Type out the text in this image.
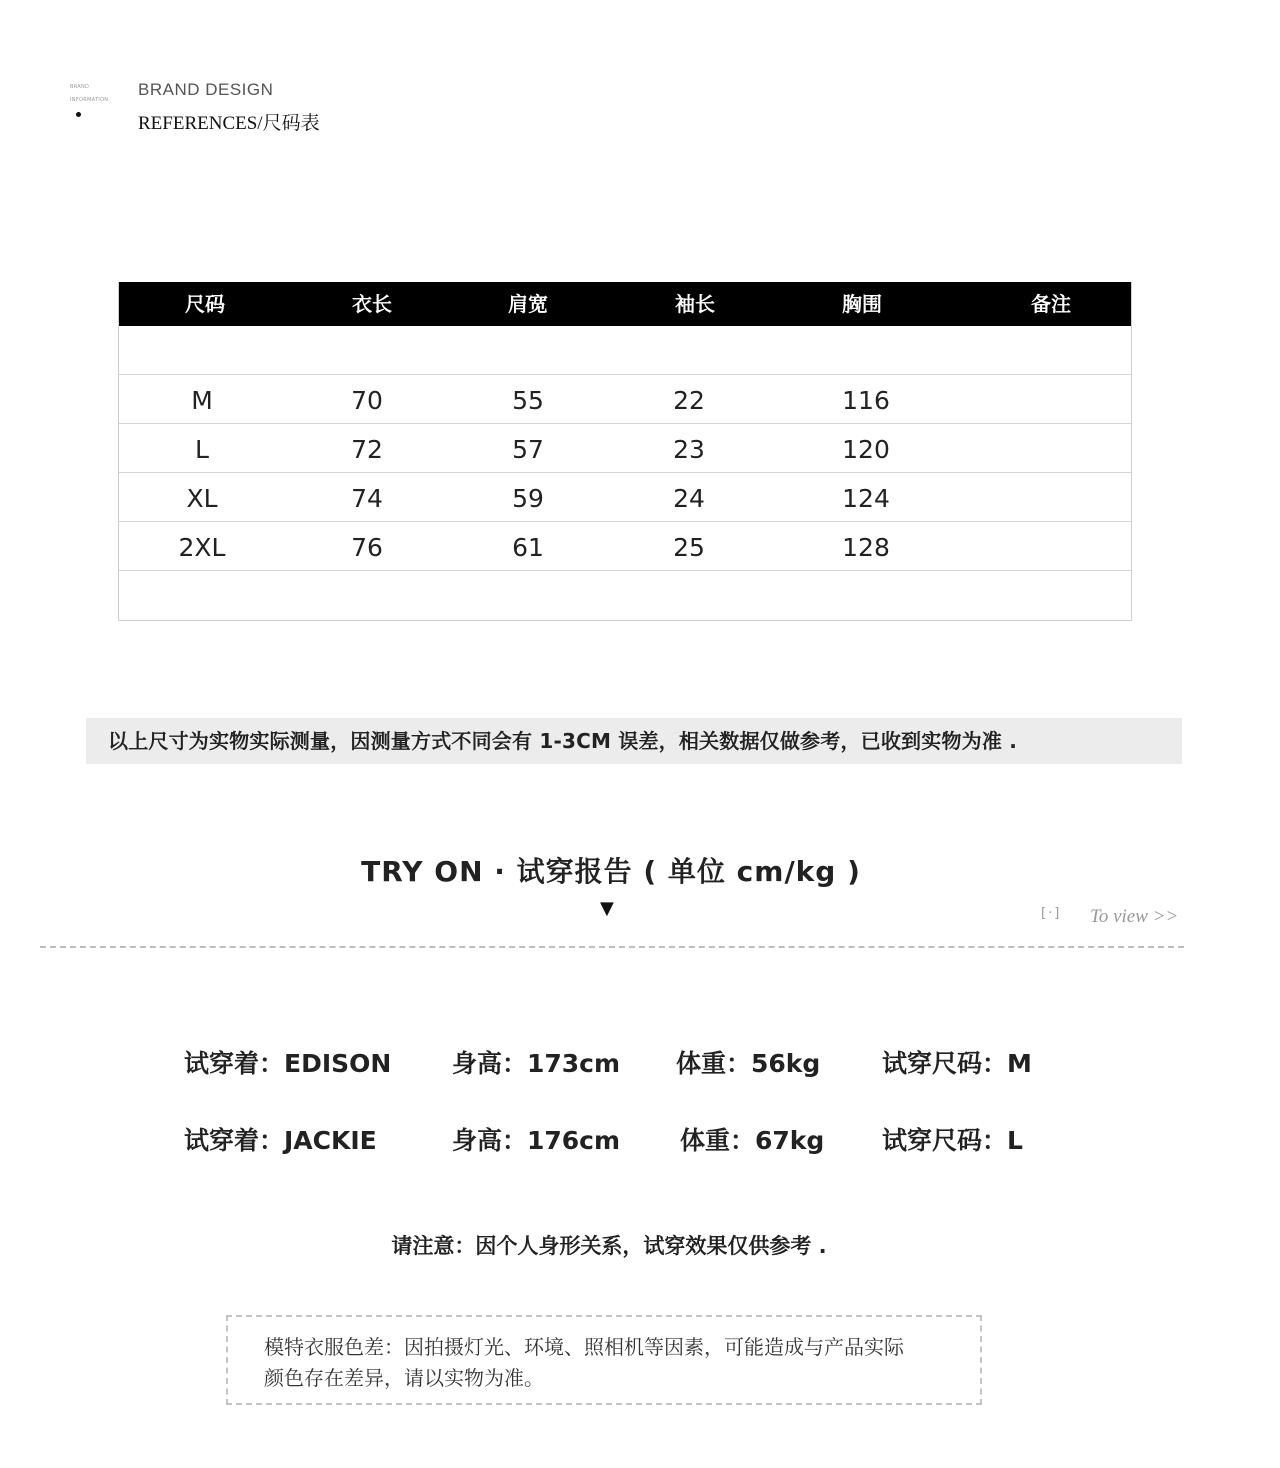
BRAND
INFORMATION
BRAND DESIGN
REFERENCES/尺码表
尺码	衣长	肩宽	袖长	胸围	备注
M	70	55	22	116
L	72	57	23	120
XL	74	59	24	124
2XL	76	61	25	128
以上尺寸为实物实际测量，因测量方式不同会有 1-3CM 误差，相关数据仅做参考，已收到实物为准 .
TRY ON · 试穿报告 ( 单位 cm/kg )
▼	[·] To view >>
试穿着：EDISON 身高：173cm 体重：56kg 试穿尺码：M
试穿着：JACKIE	身高：176cm 体重：67kg 试穿尺码：L
请注意：因个人身形关系，试穿效果仅供参考 .
模特衣服色差：因拍摄灯光、环境、照相机等因素，可能造成与产品实际
颜色存在差异，请以实物为准。
